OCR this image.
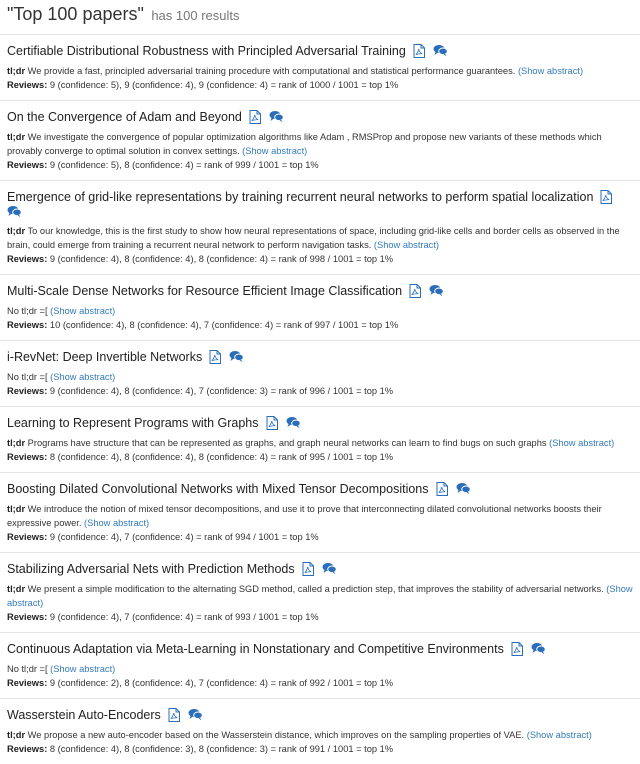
"Top 100 papers" has 100 results
Certifiable Distributional Robustness with Principled Adversarial Training
tl;dr We provide a fast, principled adversarial training procedure with computational and statistical performance guarantees. (Show abstract)
Reviews: 9 (confidence: 5), 9 (confidence: 4), 9 (confidence: 4) = rank of 1000 / 1001 = top 1%
On the Convergence of Adam and Beyond
tl;dr We investigate the convergence of popular optimization algorithms like Adam , RMSProp and propose new variants of these methods which provably converge to optimal solution in convex settings. (Show abstract)
Reviews: 9 (confidence: 5), 8 (confidence: 4) = rank of 999 / 1001 = top 1%
Emergence of grid-like representations by training recurrent neural networks to perform spatial localization
tl;dr To our knowledge, this is the first study to show how neural representations of space, including grid-like cells and border cells as observed in the brain, could emerge from training a recurrent neural network to perform navigation tasks. (Show abstract)
Reviews: 9 (confidence: 4), 8 (confidence: 4), 8 (confidence: 4) = rank of 998 / 1001 = top 1%
Multi-Scale Dense Networks for Resource Efficient Image Classification
No tl;dr =[ (Show abstract)
Reviews: 10 (confidence: 4), 8 (confidence: 4), 7 (confidence: 4) = rank of 997 / 1001 = top 1%
i-RevNet: Deep Invertible Networks
No tl;dr =[ (Show abstract)
Reviews: 9 (confidence: 4), 8 (confidence: 4), 7 (confidence: 3) = rank of 996 / 1001 = top 1%
Learning to Represent Programs with Graphs
tl;dr Programs have structure that can be represented as graphs, and graph neural networks can learn to find bugs on such graphs (Show abstract)
Reviews: 8 (confidence: 4), 8 (confidence: 4), 8 (confidence: 4) = rank of 995 / 1001 = top 1%
Boosting Dilated Convolutional Networks with Mixed Tensor Decompositions
tl;dr We introduce the notion of mixed tensor decompositions, and use it to prove that interconnecting dilated convolutional networks boosts their expressive power. (Show abstract)
Reviews: 9 (confidence: 4), 7 (confidence: 4) = rank of 994 / 1001 = top 1%
Stabilizing Adversarial Nets with Prediction Methods
tl;dr We present a simple modification to the alternating SGD method, called a prediction step, that improves the stability of adversarial networks. (Show abstract)
Reviews: 9 (confidence: 4), 7 (confidence: 4) = rank of 993 / 1001 = top 1%
Continuous Adaptation via Meta-Learning in Nonstationary and Competitive Environments
No tl;dr =[ (Show abstract)
Reviews: 9 (confidence: 2), 8 (confidence: 4), 7 (confidence: 4) = rank of 992 / 1001 = top 1%
Wasserstein Auto-Encoders
tl;dr We propose a new auto-encoder based on the Wasserstein distance, which improves on the sampling properties of VAE. (Show abstract)
Reviews: 8 (confidence: 4), 8 (confidence: 3), 8 (confidence: 3) = rank of 991 / 1001 = top 1%
